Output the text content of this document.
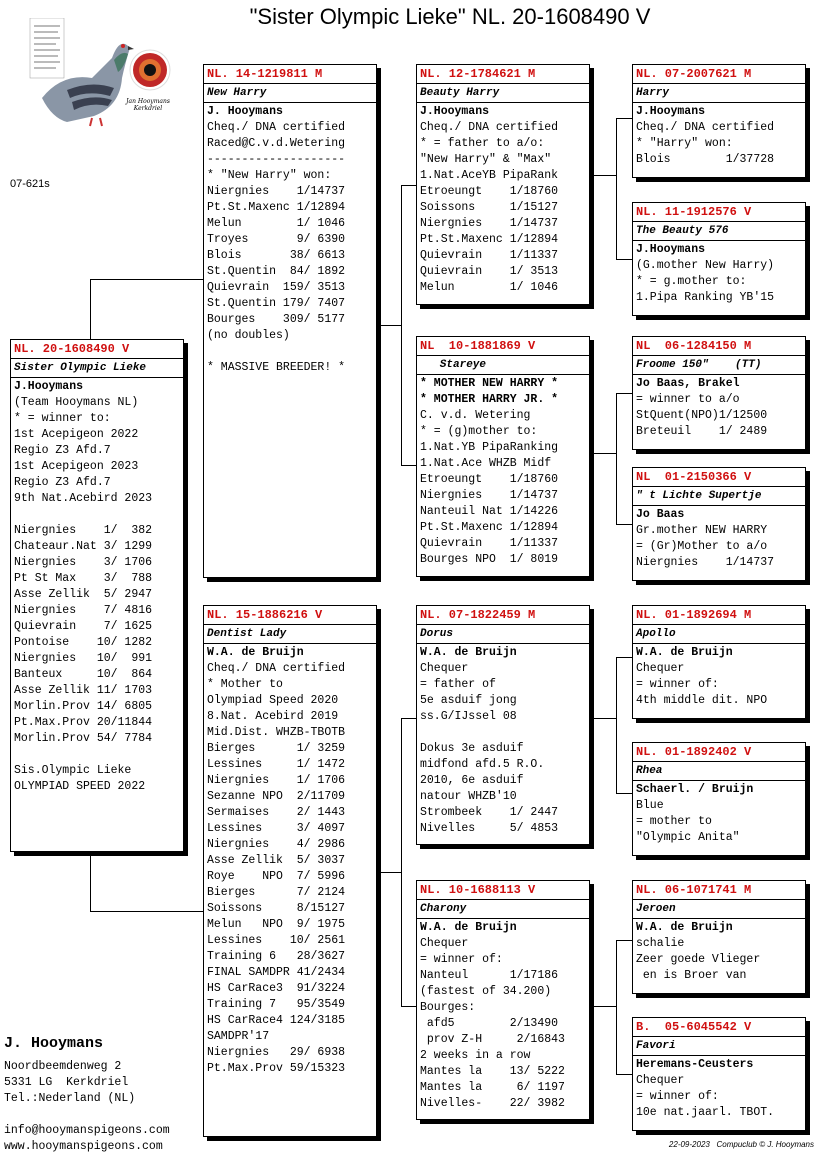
"Sister Olympic Lieke" NL. 20-1608490 V
Jan Hooymans Kerkdriel
07-621s
NL. 20-1608490 V
Sister Olympic Lieke
J.Hooymans
(Team Hooymans NL)
* = winner to:
1st Acepigeon 2022
Regio Z3 Afd.7
1st Acepigeon 2023
Regio Z3 Afd.7
9th Nat.Acebird 2023
Niergnies    1/  382
Chateaur.Nat 3/ 1299
Niergnies    3/ 1706
Pt St Max    3/  788
Asse Zellik  5/ 2947
Niergnies    7/ 4816
Quievrain    7/ 1625
Pontoise    10/ 1282
Niergnies   10/  991
Banteux     10/  864
Asse Zellik 11/ 1703
Morlin.Prov 14/ 6805
Pt.Max.Prov 20/11844
Morlin.Prov 54/ 7784
Sis.Olympic Lieke
OLYMPIAD SPEED 2022
NL. 14-1219811 M
New Harry
J. Hooymans
Cheq./ DNA certified
Raced@C.v.d.Wetering
--------------------
* "New Harry" won:
Niergnies    1/14737
Pt.St.Maxenc 1/12894
Melun        1/ 1046
Troyes       9/ 6390
Blois       38/ 6613
St.Quentin  84/ 1892
Quievrain  159/ 3513
St.Quentin 179/ 7407
Bourges    309/ 5177
(no doubles)
* MASSIVE BREEDER! *
NL. 15-1886216 V
Dentist Lady
W.A. de Bruijn
Cheq./ DNA certified
* Mother to
Olympiad Speed 2020
8.Nat. Acebird 2019
Mid.Dist. WHZB-TBOTB
Bierges      1/ 3259
Lessines     1/ 1472
Niergnies    1/ 1706
Sezanne NPO  2/11709
Sermaises    2/ 1443
Lessines     3/ 4097
Niergnies    4/ 2986
Asse Zellik  5/ 3037
Roye    NPO  7/ 5996
Bierges      7/ 2124
Soissons     8/15127
Melun   NPO  9/ 1975
Lessines    10/ 2561
Training 6   28/3627
FINAL SAMDPR 41/2434
HS CarRace3  91/3224
Training 7   95/3549
HS CarRace4 124/3185
SAMDPR'17
Niergnies   29/ 6938
Pt.Max.Prov 59/15323
NL. 12-1784621 M
Beauty Harry
J.Hooymans
Cheq./ DNA certified
* = father to a/o:
"New Harry" & "Max"
1.Nat.AceYB PipaRank
Etroeungt    1/18760
Soissons     1/15127
Niergnies    1/14737
Pt.St.Maxenc 1/12894
Quievrain    1/11337
Quievrain    1/ 3513
Melun        1/ 1046
NL  10-1881869 V
Stareye
* MOTHER NEW HARRY *
* MOTHER HARRY JR. *
C. v.d. Wetering
* = (g)mother to:
1.Nat.YB PipaRanking
1.Nat.Ace WHZB Midf
Etroeungt    1/18760
Niergnies    1/14737
Nanteuil Nat 1/14226
Pt.St.Maxenc 1/12894
Quievrain    1/11337
Bourges NPO  1/ 8019
NL. 07-1822459 M
Dorus
W.A. de Bruijn
Chequer
= father of
5e asduif jong
ss.G/IJssel 08
Dokus 3e asduif
midfond afd.5 R.O.
2010, 6e asduif
natour WHZB'10
Strombeek    1/ 2447
Nivelles     5/ 4853
NL. 10-1688113 V
Charony
W.A. de Bruijn
Chequer
= winner of:
Nanteul      1/17186
(fastest of 34.200)
Bourges:
afd5        2/13490
prov Z-H     2/16843
2 weeks in a row
Mantes la    13/ 5222
Mantes la     6/ 1197
Nivelles-    22/ 3982
NL. 07-2007621 M
Harry
J.Hooymans
Cheq./ DNA certified
* "Harry" won:
Blois        1/37728
NL. 11-1912576 V
The Beauty 576
J.Hooymans
(G.mother New Harry)
* = g.mother to:
1.Pipa Ranking YB'15
NL  06-1284150 M
Froome 150"    (TT)
Jo Baas, Brakel
= winner to a/o
StQuent(NPO)1/12500
Breteuil    1/ 2489
NL  01-2150366 V
" t Lichte Supertje
Jo Baas
Gr.mother NEW HARRY
= (Gr)Mother to a/o
Niergnies    1/14737
NL. 01-1892694 M
Apollo
W.A. de Bruijn
Chequer
= winner of:
4th middle dit. NPO
NL. 01-1892402 V
Rhea
Schaerl. / Bruijn
Blue
= mother to
"Olympic Anita"
NL. 06-1071741 M
Jeroen
W.A. de Bruijn
schalie
Zeer goede Vlieger
en is Broer van
B.  05-6045542 V
Favori
Heremans-Ceusters
Chequer
= winner of:
10e nat.jaarl. TBOT.
J. Hooymans
Noordbeemdenweg 2
5331 LG  Kerkdriel
Tel.:Nederland (NL)
info@hooymanspigeons.com
www.hooymanspigeons.com	22-09-2023   Compuclub © J. Hooymans
